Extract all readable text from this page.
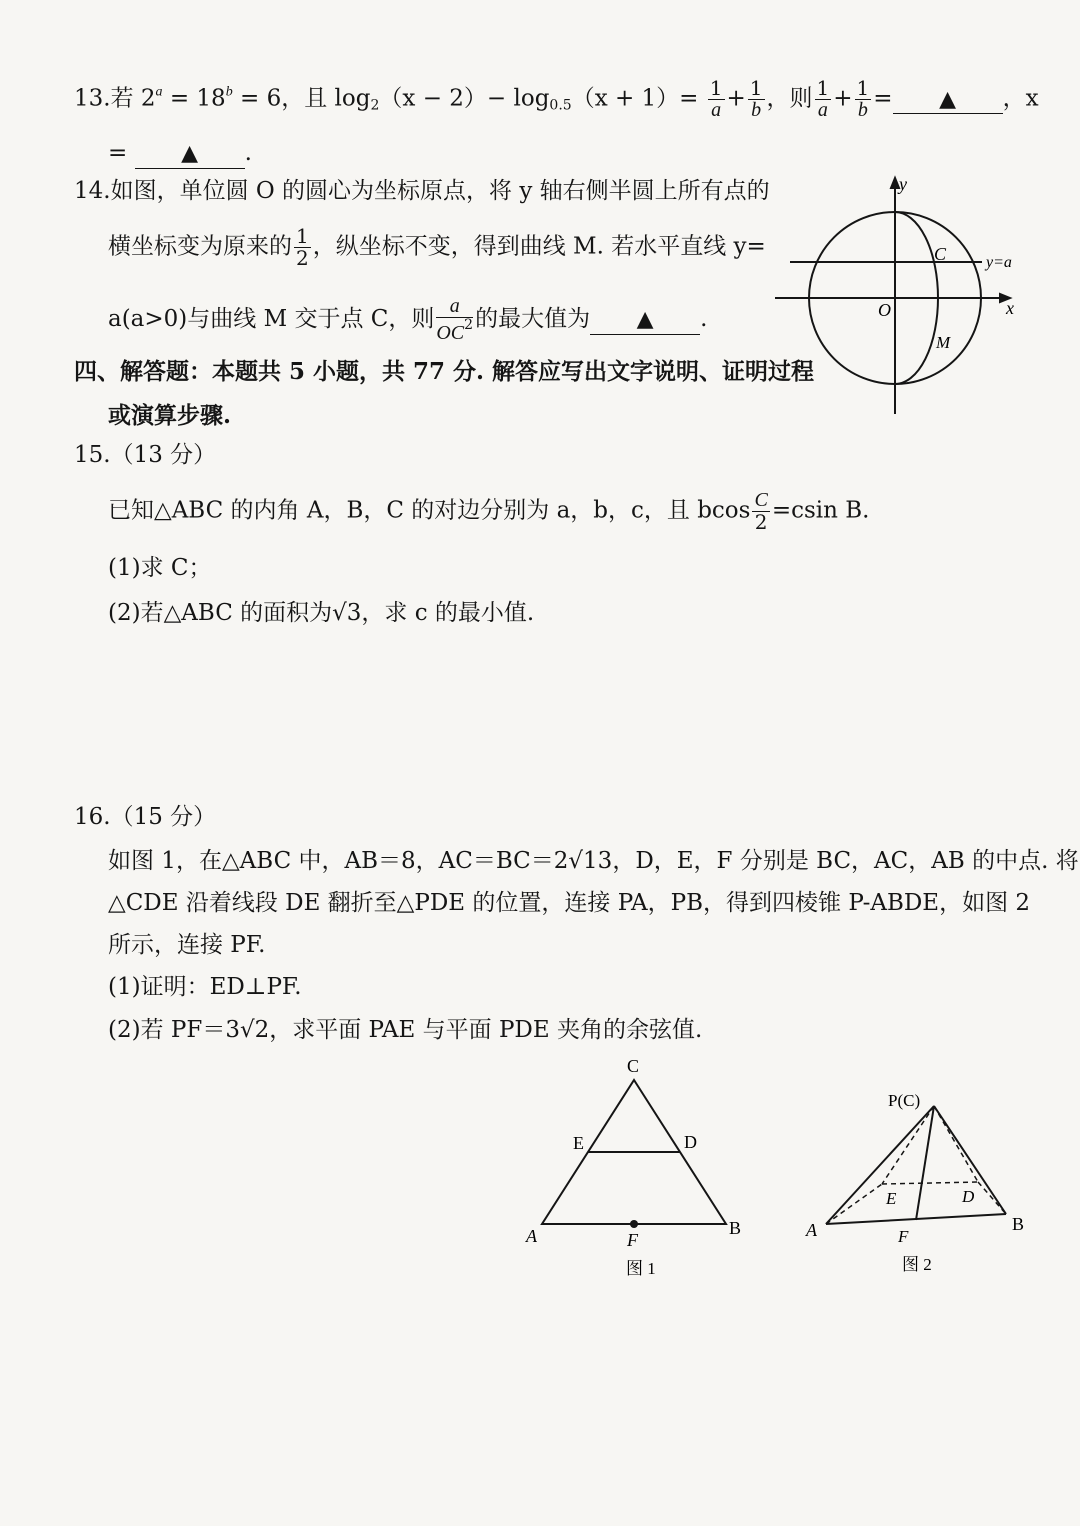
13.若 $2^a = 18^b = 6$，且 $\log_2(x - 2)- \log_{0.5}(x + 1)= \frac{1}{a} + \frac{1}{b}$ ，则 $\frac{1}{a} + \frac{1}{b}$ = ▲ ，x
= ▲ .
14.如图，单位圆 O 的圆心为坐标原点，将 y 轴右侧半圆上所有点的
横坐标变为原来的 $\frac{1}{2}$ ，纵坐标不变，得到曲线 M. 若水平直线 y=
a(a>0)与曲线 M 交于点 C，则 $\frac{a}{OC^2}$ 的最大值为 ▲ .
四、解答题：本题共 5 小题，共 77 分. 解答应写出文字说明、证明过程
或演算步骤.
15.（13 分）
已知△ABC 的内角 A，B，C 的对边分别为 a，b，c，且 bcos $\frac{C}{2} =csin$ B.
(1)求 C；
(2)若△ABC 的面积为√3，求 c 的最小值.
16.（15 分）
如图 1，在△ABC 中，AB＝8，AC＝BC＝2√13，D，E，F 分别是 BC，AC，AB 的中点. 将
△CDE 沿着线段 DE 翻折至△PDE 的位置，连接 PA，PB，得到四棱锥 P-ABDE，如图 2
所示，连接 PF.
(1)证明：ED⊥PF.
(2)若 PF＝3√2，求平面 PAE 与平面 PDE 夹角的余弦值.
y
x
O
C
M
y=a
C
E	D
A	B
F
图 1
P(C)
E	D
A	B
F
图 2
